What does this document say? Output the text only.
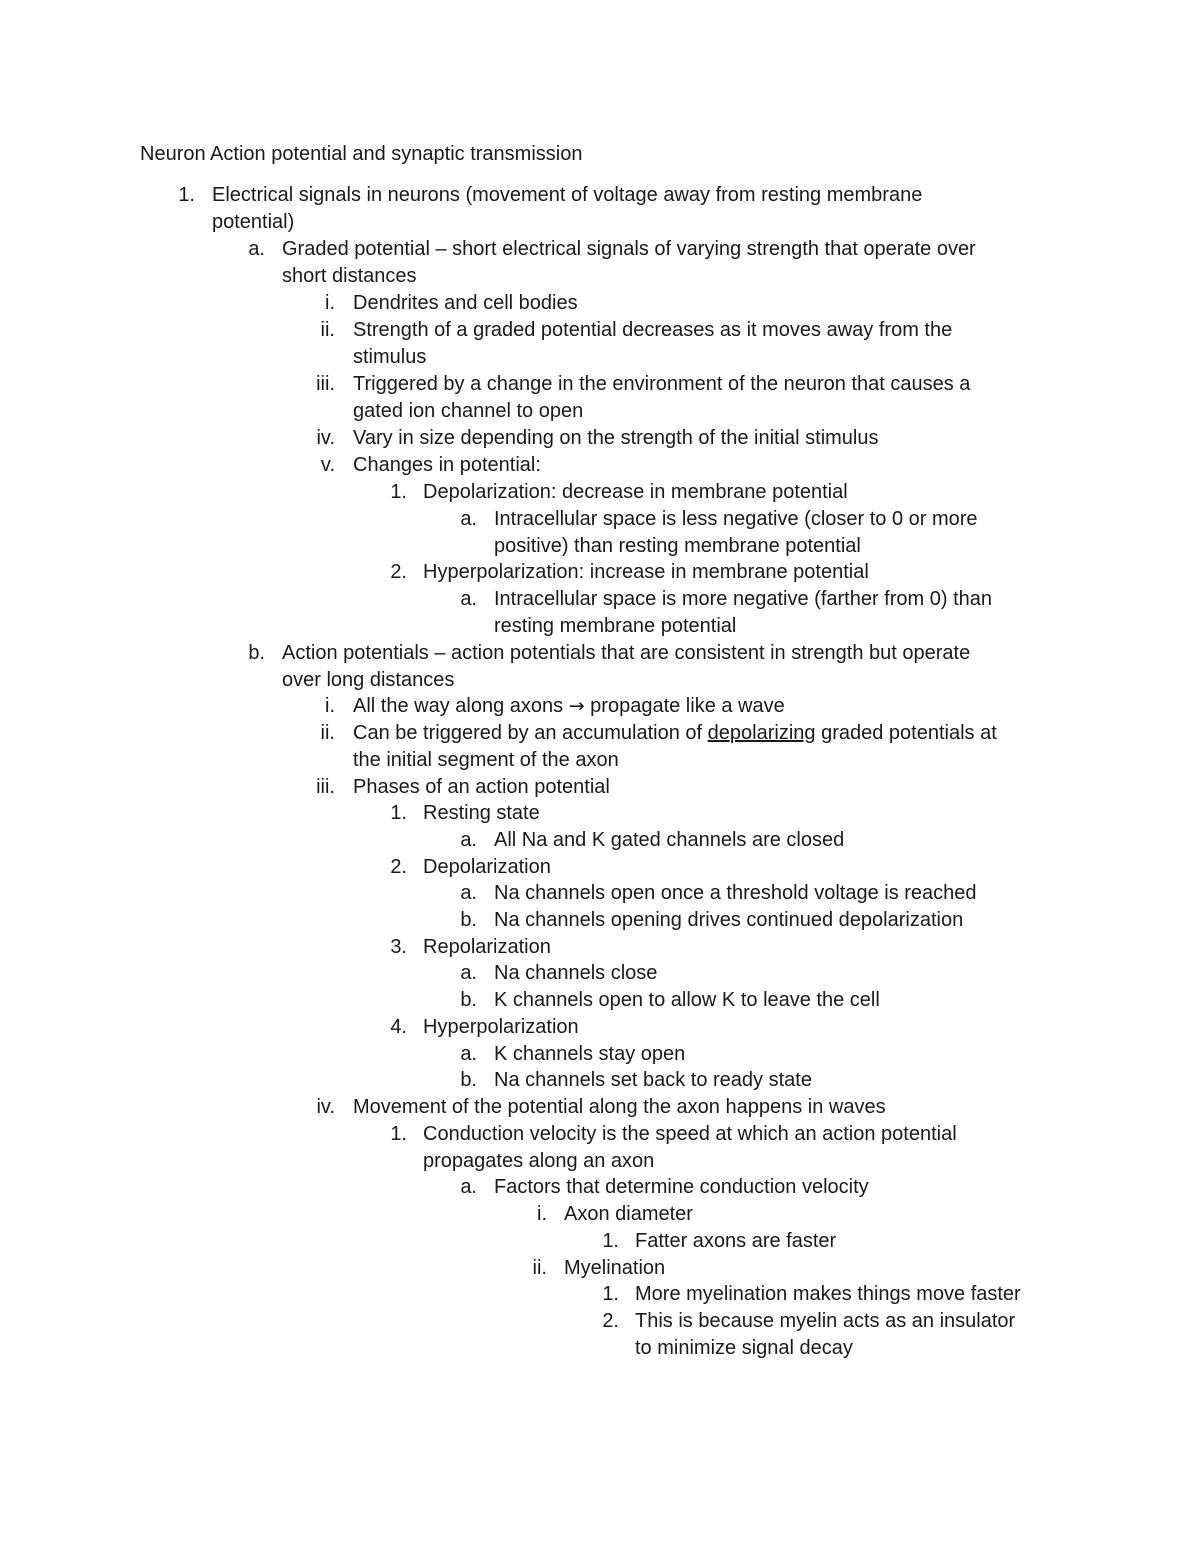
Neuron Action potential and synaptic transmission
1. Electrical signals in neurons (movement of voltage away from resting membrane
potential)
a. Graded potential – short electrical signals of varying strength that operate over
short distances
i. Dendrites and cell bodies
ii. Strength of a graded potential decreases as it moves away from the
stimulus
iii. Triggered by a change in the environment of the neuron that causes a
gated ion channel to open
iv. Vary in size depending on the strength of the initial stimulus
v. Changes in potential:
1. Depolarization: decrease in membrane potential
a. Intracellular space is less negative (closer to 0 or more
positive) than resting membrane potential
2. Hyperpolarization: increase in membrane potential
a. Intracellular space is more negative (farther from 0) than
resting membrane potential
b. Action potentials – action potentials that are consistent in strength but operate
over long distances
i. All the way along axons → propagate like a wave
ii. Can be triggered by an accumulation of depolarizing graded potentials at
the initial segment of the axon
iii. Phases of an action potential
1. Resting state
a. All Na and K gated channels are closed
2. Depolarization
a. Na channels open once a threshold voltage is reached
b. Na channels opening drives continued depolarization
3. Repolarization
a. Na channels close
b. K channels open to allow K to leave the cell
4. Hyperpolarization
a. K channels stay open
b. Na channels set back to ready state
iv. Movement of the potential along the axon happens in waves
1. Conduction velocity is the speed at which an action potential
propagates along an axon
a. Factors that determine conduction velocity
i. Axon diameter
1. Fatter axons are faster
ii. Myelination
1. More myelination makes things move faster
2. This is because myelin acts as an insulator
to minimize signal decay
